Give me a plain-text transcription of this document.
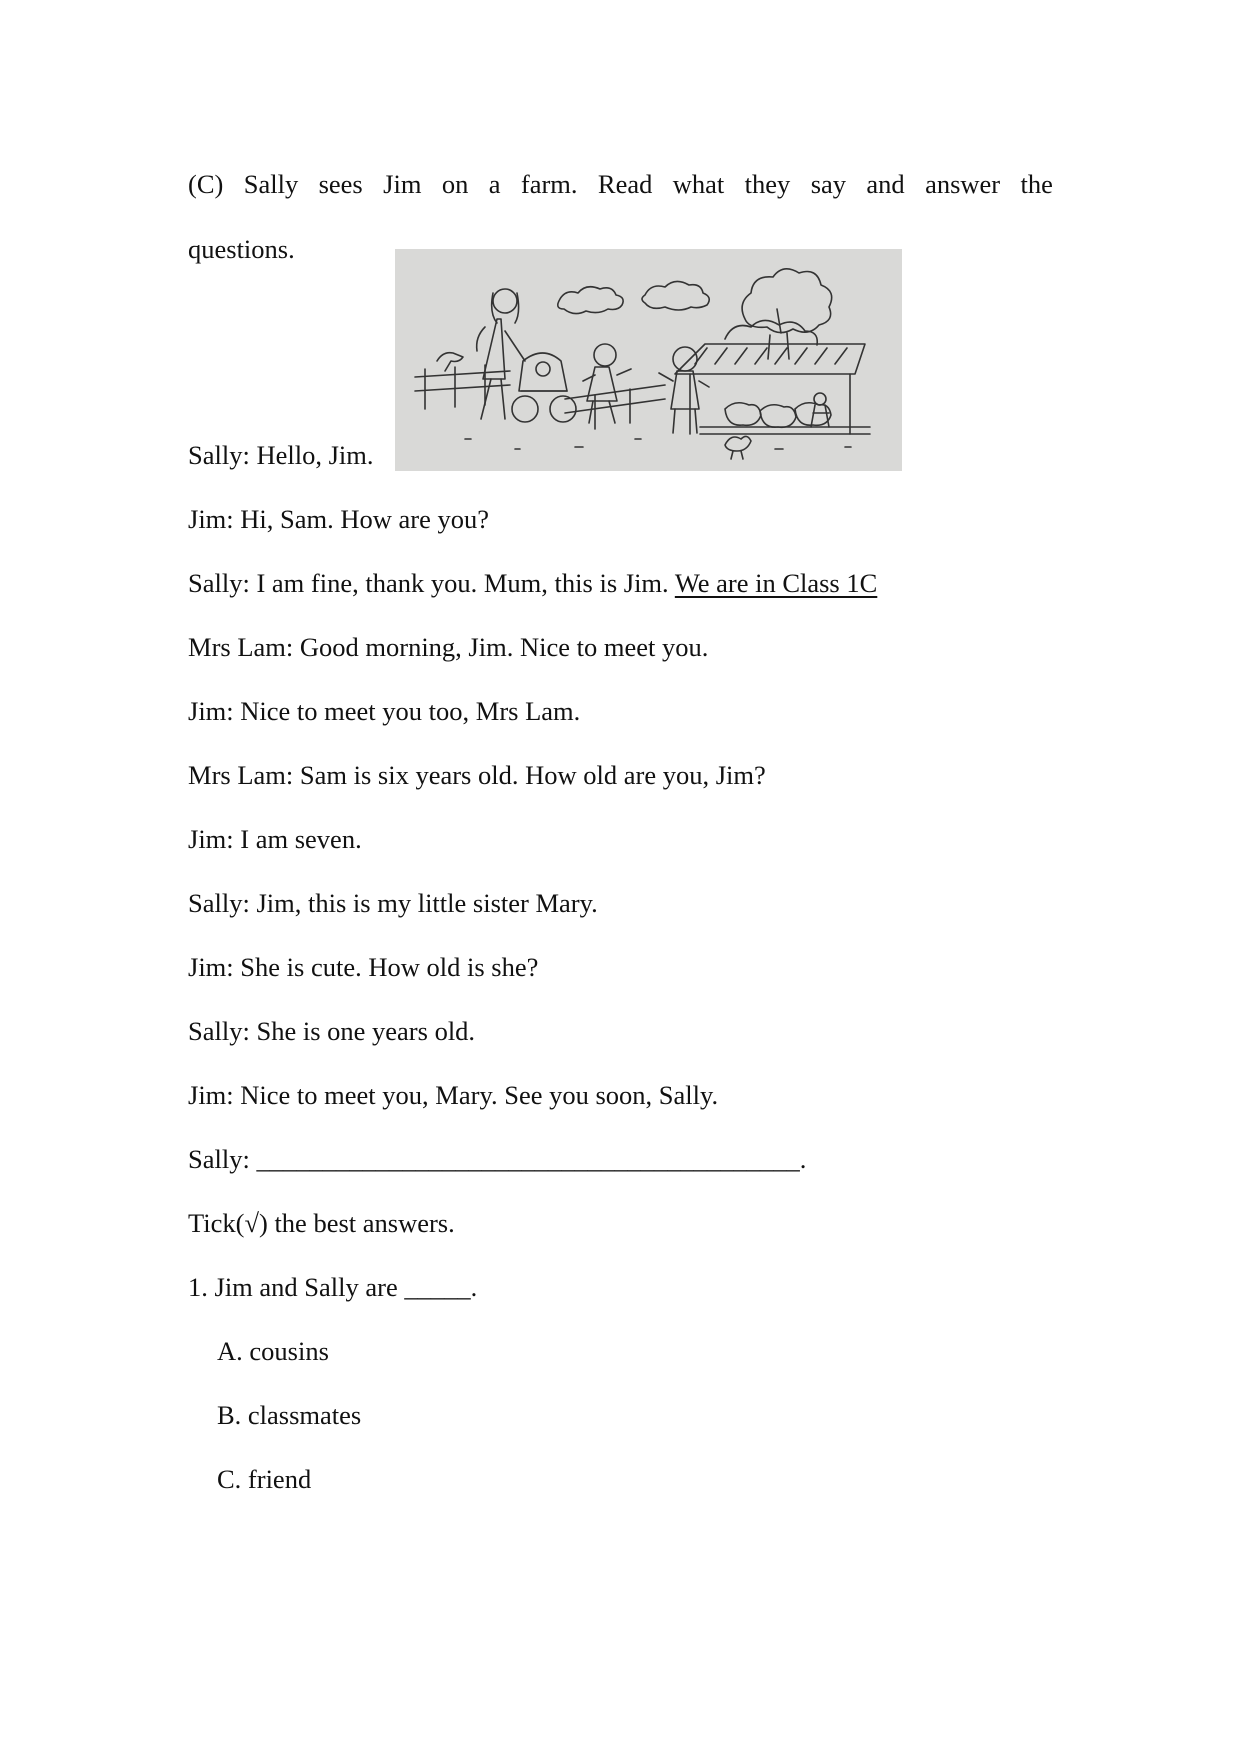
(C) Sally sees Jim on a farm. Read what they say and answer the
questions.
Sally: Hello, Jim.
Jim: Hi, Sam. How are you?
Sally: I am fine, thank you. Mum, this is Jim. We are in Class 1C
Mrs Lam: Good morning, Jim. Nice to meet you.
Jim: Nice to meet you too, Mrs Lam.
Mrs Lam: Sam is six years old. How old are you, Jim?
Jim: I am seven.
Sally: Jim, this is my little sister Mary.
Jim: She is cute. How old is she?
Sally: She is one years old.
Jim: Nice to meet you, Mary. See you soon, Sally.
Sally: _________________________________________.
Tick(√) the best answers.
1. Jim and Sally are _____.
A. cousins
B. classmates
C. friend
